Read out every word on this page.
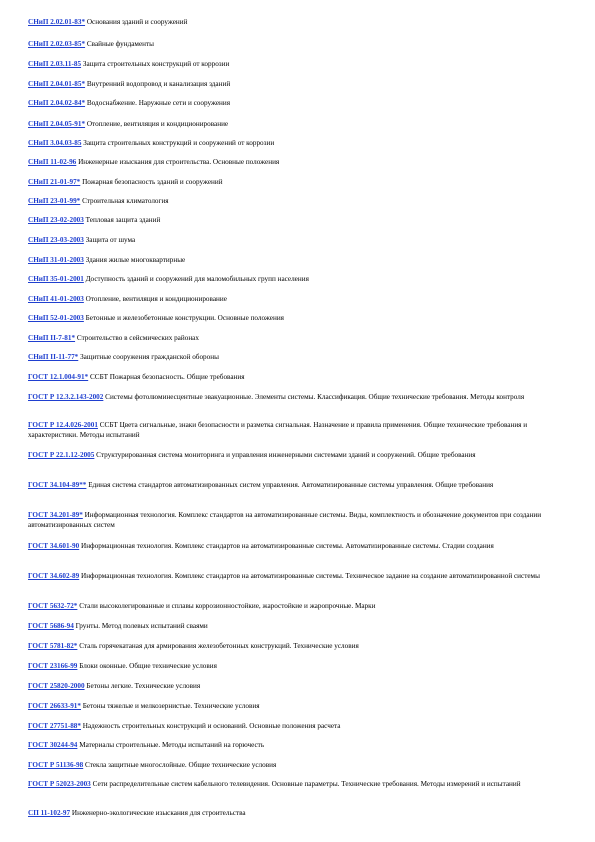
СНиП 2.02.01-83* Основания зданий и сооружений
СНиП 2.02.03-85* Свайные фундаменты
СНиП 2.03.11-85 Защита строительных конструкций от коррозии
СНиП 2.04.01-85* Внутренний водопровод и канализация зданий
СНиП 2.04.02-84* Водоснабжение. Наружные сети и сооружения
СНиП 2.04.05-91* Отопление, вентиляция и кондиционирование
СНиП 3.04.03-85 Защита строительных конструкций и сооружений от коррозии
СНиП 11-02-96 Инженерные изыскания для строительства. Основные положения
СНиП 21-01-97* Пожарная безопасность зданий и сооружений
СНиП 23-01-99* Строительная климатология
СНиП 23-02-2003 Тепловая защита зданий
СНиП 23-03-2003 Защита от шума
СНиП 31-01-2003 Здания жилые многоквартирные
СНиП 35-01-2001 Доступность зданий и сооружений для маломобильных групп населения
СНиП 41-01-2003 Отопление, вентиляция и кондиционирование
СНиП 52-01-2003 Бетонные и железобетонные конструкции. Основные положения
СНиП II-7-81* Строительство в сейсмических районах
СНиП II-11-77* Защитные сооружения гражданской обороны
ГОСТ 12.1.004-91* ССБТ Пожарная безопасность. Общие требования
ГОСТ Р 12.3.2.143-2002 Системы фотолюминесцентные эвакуационные. Элементы системы. Классификация. Общие технические требования. Методы контроля
ГОСТ Р 12.4.026-2001 ССБТ Цвета сигнальные, знаки безопасности и разметка сигнальная. Назначение и правила применения. Общие технические требования и характеристики. Методы испытаний
ГОСТ Р 22.1.12-2005 Структурированная система мониторинга и управления инженерными системами зданий и сооружений. Общие требования
ГОСТ 34.104-89** Единая система стандартов автоматизированных систем управления. Автоматизированные системы управления. Общие требования
ГОСТ 34.201-89* Информационная технология. Комплекс стандартов на автоматизированные системы. Виды, комплектность и обозначение документов при создании автоматизированных систем
ГОСТ 34.601-90 Информационная технология. Комплекс стандартов на автоматизированные системы. Автоматизированные системы. Стадии создания
ГОСТ 34.602-89 Информационная технология. Комплекс стандартов на автоматизированные системы. Техническое задание на создание автоматизированной системы
ГОСТ 5632-72* Стали высоколегированные и сплавы коррозионностойкие, жаростойкие и жаропрочные. Марки
ГОСТ 5686-94 Грунты. Метод полевых испытаний сваями
ГОСТ 5781-82* Сталь горячекатаная для армирования железобетонных конструкций. Технические условия
ГОСТ 23166-99 Блоки оконные. Общие технические условия
ГОСТ 25820-2000 Бетоны легкие. Технические условия
ГОСТ 26633-91* Бетоны тяжелые и мелкозернистые. Технические условия
ГОСТ 27751-88* Надежность строительных конструкций и оснований. Основные положения расчета
ГОСТ 30244-94 Материалы строительные. Методы испытаний на горючесть
ГОСТ Р 51136-98 Стекла защитные многослойные. Общие технические условия
ГОСТ Р 52023-2003 Сети распределительные систем кабельного телевидения. Основные параметры. Технические требования. Методы измерений и испытаний
СП 11-102-97 Инженерно-экологические изыскания для строительства
